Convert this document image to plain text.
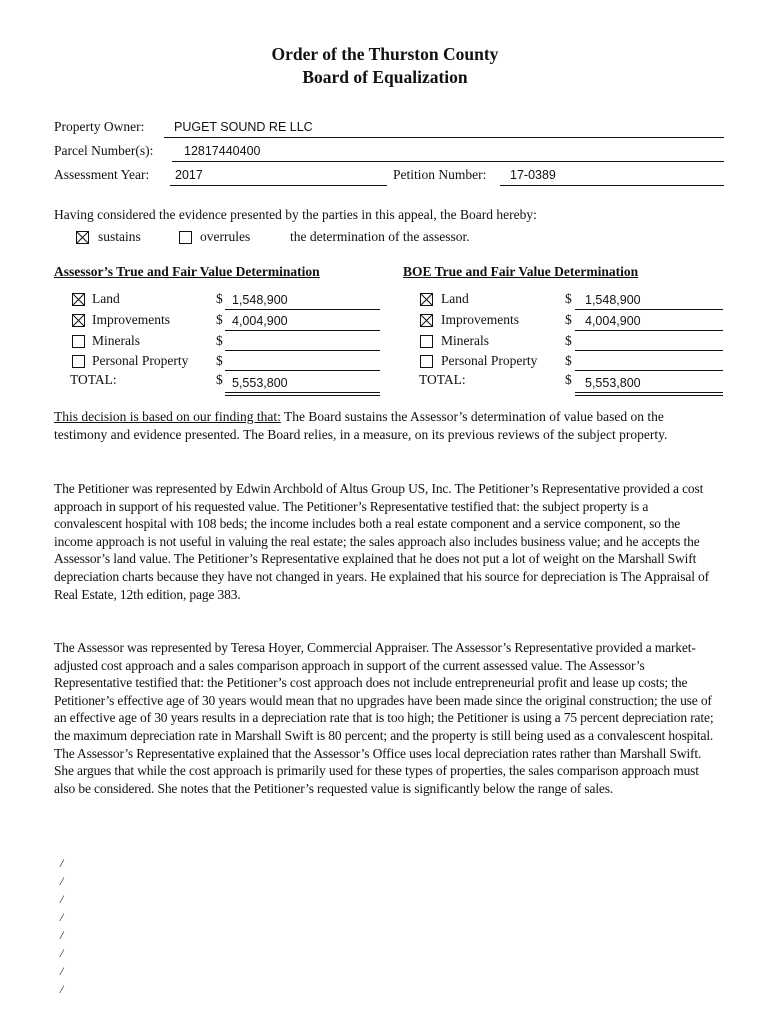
Order of the Thurston County
Board of Equalization
Property Owner: PUGET SOUND RE LLC
Parcel Number(s): 12817440400
Assessment Year: 2017	Petition Number: 17-0389
Having considered the evidence presented by the parties in this appeal, the Board hereby:
sustains	overrules	the determination of the assessor.
Assessor’s True and Fair Value Determination
Land	$ 1,548,900
Improvements	$ 4,004,900
Minerals	$
Personal Property $
TOTAL:	$ 5,553,800
BOE True and Fair Value Determination
Land	$ 1,548,900
Improvements	$ 4,004,900
Minerals	$
Personal Property $
TOTAL:	$ 5,553,800
This decision is based on our finding that: The Board sustains the Assessor’s determination of value based on the testimony and evidence presented. The Board relies, in a measure, on its previous reviews of the subject property.
The Petitioner was represented by Edwin Archbold of Altus Group US, Inc. The Petitioner’s Representative provided a cost approach in support of his requested value. The Petitioner’s Representative testified that: the subject property is a convalescent hospital with 108 beds; the income includes both a real estate component and a service component, so the income approach is not useful in valuing the real estate; the sales approach also includes business value; and he accepts the Assessor’s land value. The Petitioner’s Representative explained that he does not put a lot of weight on the Marshall Swift depreciation charts because they have not changed in years. He explained that his source for depreciation is The Appraisal of Real Estate, 12th edition, page 383.
The Assessor was represented by Teresa Hoyer, Commercial Appraiser. The Assessor’s Representative provided a market-adjusted cost approach and a sales comparison approach in support of the current assessed value. The Assessor’s Representative testified that: the Petitioner’s cost approach does not include entrepreneurial profit and lease up costs; the Petitioner’s effective age of 30 years would mean that no upgrades have been made since the original construction; the use of an effective age of 30 years results in a depreciation rate that is too high; the Petitioner is using a 75 percent depreciation rate; the maximum depreciation rate in Marshall Swift is 80 percent; and the property is still being used as a convalescent hospital. The Assessor’s Representative explained that the Assessor’s Office uses local depreciation rates rather than Marshall Swift. She argues that while the cost approach is primarily used for these types of properties, the sales comparison approach must also be considered. She notes that the Petitioner’s requested value is significantly below the range of sales.
/
/
/
/
/
/
/
/
